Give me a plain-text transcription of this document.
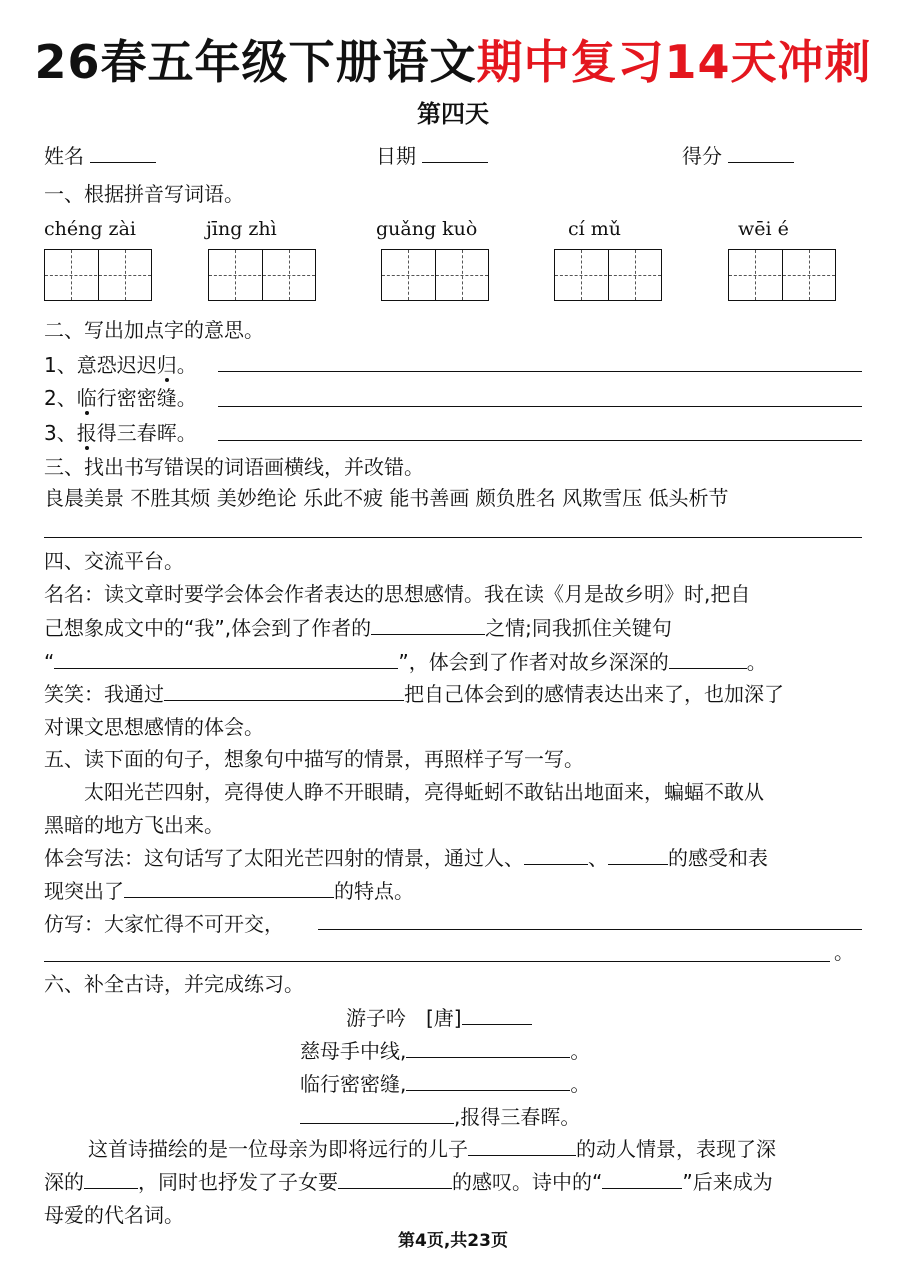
26春五年级下册语文期中复习14天冲刺
第四天
姓名	日期	得分
一、根据拼音写词语。
chéng zài	jīng zhì	guǎng kuò	cí mǔ	wēi é
二、写出加点字的意思。
1、意恐迟迟归。
2、临行密密缝。
3、报得三春晖。
三、找出书写错误的词语画横线，并改错。
良晨美景 不胜其烦 美妙绝论 乐此不疲 能书善画 颇负胜名 风欺雪压 低头析节
四、交流平台。
名名：读文章时要学会体会作者表达的思想感情。我在读《月是故乡明》时,把自
己想象成文中的“我”,体会到了作者的	之情;同我抓住关键句
“	”，体会到了作者对故乡深深的	。
笑笑：我通过	把自己体会到的感情表达出来了，也加深了
对课文思想感情的体会。
五、读下面的句子，想象句中描写的情景，再照样子写一写。
太阳光芒四射，亮得使人睁不开眼睛，亮得蚯蚓不敢钻出地面来，蝙蝠不敢从
黑暗的地方飞出来。
体会写法：这句话写了太阳光芒四射的情景，通过人、	、	的感受和表
现突出了	的特点。
仿写：大家忙得不可开交，
。
六、补全古诗，并完成练习。
游子吟　[唐]
慈母手中线,	。
临行密密缝,	。
,报得三春晖。
这首诗描绘的是一位母亲为即将远行的儿子	的动人情景，表现了深
深的	，同时也抒发了子女要	的感叹。诗中的“	”后来成为
母爱的代名词。
第4页,共23页
